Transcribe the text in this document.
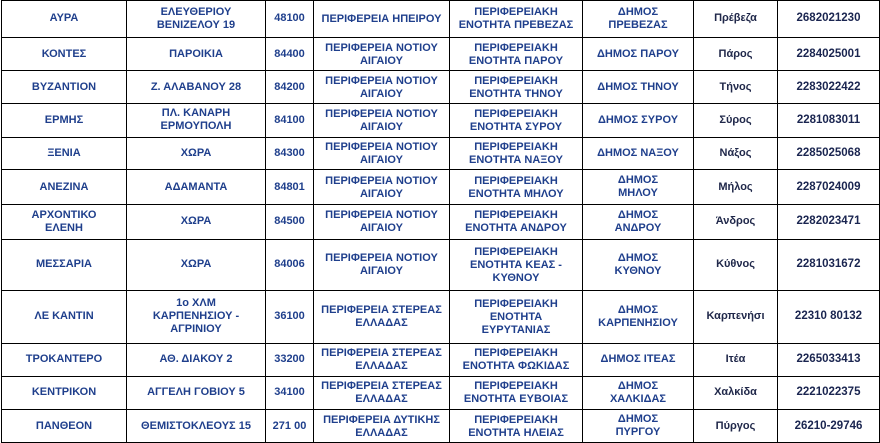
ΑΥΡΑ	ΕΛΕΥΘΕΡΙΟΥ
ΒΕΝΙΖΕΛΟΥ 19	48100	ΠΕΡΙΦΕΡΕΙΑ ΗΠΕΙΡΟΥ	ΠΕΡΙΦΕΡΕΙΑΚΗ
ΕΝΟΤΗΤΑ ΠΡΕΒΕΖΑΣ	ΔΗΜΟΣ
ΠΡΕΒΕΖΑΣ	Πρέβεζα	2682021230

ΚΟΝΤΕΣ	ΠΑΡΟΙΚΙΑ	84400	ΠΕΡΙΦΕΡΕΙΑ ΝΟΤΙΟΥ
ΑΙΓΑΙΟΥ	ΠΕΡΙΦΕΡΕΙΑΚΗ
ΕΝΟΤΗΤΑ ΠΑΡΟΥ	ΔΗΜΟΣ ΠΑΡΟΥ	Πάρος	2284025001

ΒΥΖΑΝΤΙΟΝ	Ζ. ΑΛΑΒΑΝΟΥ 28	84200	ΠΕΡΙΦΕΡΕΙΑ ΝΟΤΙΟΥ
ΑΙΓΑΙΟΥ	ΠΕΡΙΦΕΡΕΙΑΚΗ
ΕΝΟΤΗΤΑ ΤΗΝΟΥ	ΔΗΜΟΣ ΤΗΝΟΥ	Τήνος	2283022422

ΕΡΜΗΣ	ΠΛ. ΚΑΝΑΡΗ
ΕΡΜΟΥΠΟΛΗ	84100	ΠΕΡΙΦΕΡΕΙΑ ΝΟΤΙΟΥ
ΑΙΓΑΙΟΥ	ΠΕΡΙΦΕΡΕΙΑΚΗ
ΕΝΟΤΗΤΑ ΣΥΡΟΥ	ΔΗΜΟΣ ΣΥΡΟΥ	Σύρος	2281083011

ΞΕΝΙΑ	ΧΩΡΑ	84300	ΠΕΡΙΦΕΡΕΙΑ ΝΟΤΙΟΥ
ΑΙΓΑΙΟΥ	ΠΕΡΙΦΕΡΕΙΑΚΗ
ΕΝΟΤΗΤΑ ΝΑΞΟΥ	ΔΗΜΟΣ ΝΑΞΟΥ	Νάξος	2285025068

ΑΝΕΖΙΝΑ	ΑΔΑΜΑΝΤΑ	84801	ΠΕΡΙΦΕΡΕΙΑ ΝΟΤΙΟΥ
ΑΙΓΑΙΟΥ	ΠΕΡΙΦΕΡΕΙΑΚΗ
ΕΝΟΤΗΤΑ ΜΗΛΟΥ	ΔΗΜΟΣ
ΜΗΛΟΥ	Μήλος	2287024009

ΑΡΧΟΝΤΙΚΟ
ΕΛΕΝΗ	ΧΩΡΑ	84500	ΠΕΡΙΦΕΡΕΙΑ ΝΟΤΙΟΥ
ΑΙΓΑΙΟΥ	ΠΕΡΙΦΕΡΕΙΑΚΗ
ΕΝΟΤΗΤΑ ΑΝΔΡΟΥ	ΔΗΜΟΣ
ΑΝΔΡΟΥ	Άνδρος	2282023471

ΜΕΣΣΑΡΙΑ	ΧΩΡΑ	84006	ΠΕΡΙΦΕΡΕΙΑ ΝΟΤΙΟΥ
ΑΙΓΑΙΟΥ	ΠΕΡΙΦΕΡΕΙΑΚΗ
ΕΝΟΤΗΤΑ ΚΕΑΣ -
ΚΥΘΝΟΥ	ΔΗΜΟΣ
ΚΥΘΝΟΥ	Κύθνος	2281031672

ΛΕ ΚΑΝΤΙΝ	1ο ΧΛΜ
ΚΑΡΠΕΝΗΣΙΟΥ -
ΑΓΡΙΝΙΟΥ	36100	ΠΕΡΙΦΕΡΕΙΑ ΣΤΕΡΕΑΣ
ΕΛΛΑΔΑΣ	ΠΕΡΙΦΕΡΕΙΑΚΗ
ΕΝΟΤΗΤΑ
ΕΥΡΥΤΑΝΙΑΣ	ΔΗΜΟΣ
ΚΑΡΠΕΝΗΣΙΟΥ	Καρπενήσι	22310 80132

ΤΡΟΚΑΝΤΕΡΟ	ΑΘ. ΔΙΑΚΟΥ 2	33200	ΠΕΡΙΦΕΡΕΙΑ ΣΤΕΡΕΑΣ
ΕΛΛΑΔΑΣ	ΠΕΡΙΦΕΡΕΙΑΚΗ
ΕΝΟΤΗΤΑ ΦΩΚΙΔΑΣ	ΔΗΜΟΣ ΙΤΕΑΣ	Ιτέα	2265033413

ΚΕΝΤΡΙΚΟΝ	ΑΓΓΕΛΗ ΓΟΒΙΟΥ 5	34100	ΠΕΡΙΦΕΡΕΙΑ ΣΤΕΡΕΑΣ
ΕΛΛΑΔΑΣ	ΠΕΡΙΦΕΡΕΙΑΚΗ
ΕΝΟΤΗΤΑ ΕΥΒΟΙΑΣ	ΔΗΜΟΣ
ΧΑΛΚΙΔΑΣ	Χαλκίδα	2221022375

ΠΑΝΘΕΟΝ	ΘΕΜΙΣΤΟΚΛΕΟΥΣ 15	271 00	ΠΕΡΙΦΕΡΕΙΑ ΔΥΤΙΚΗΣ
ΕΛΛΑΔΑΣ	ΠΕΡΙΦΕΡΕΙΑΚΗ
ΕΝΟΤΗΤΑ ΗΛΕΙΑΣ	ΔΗΜΟΣ
ΠΥΡΓΟΥ	Πύργος	26210-29746
